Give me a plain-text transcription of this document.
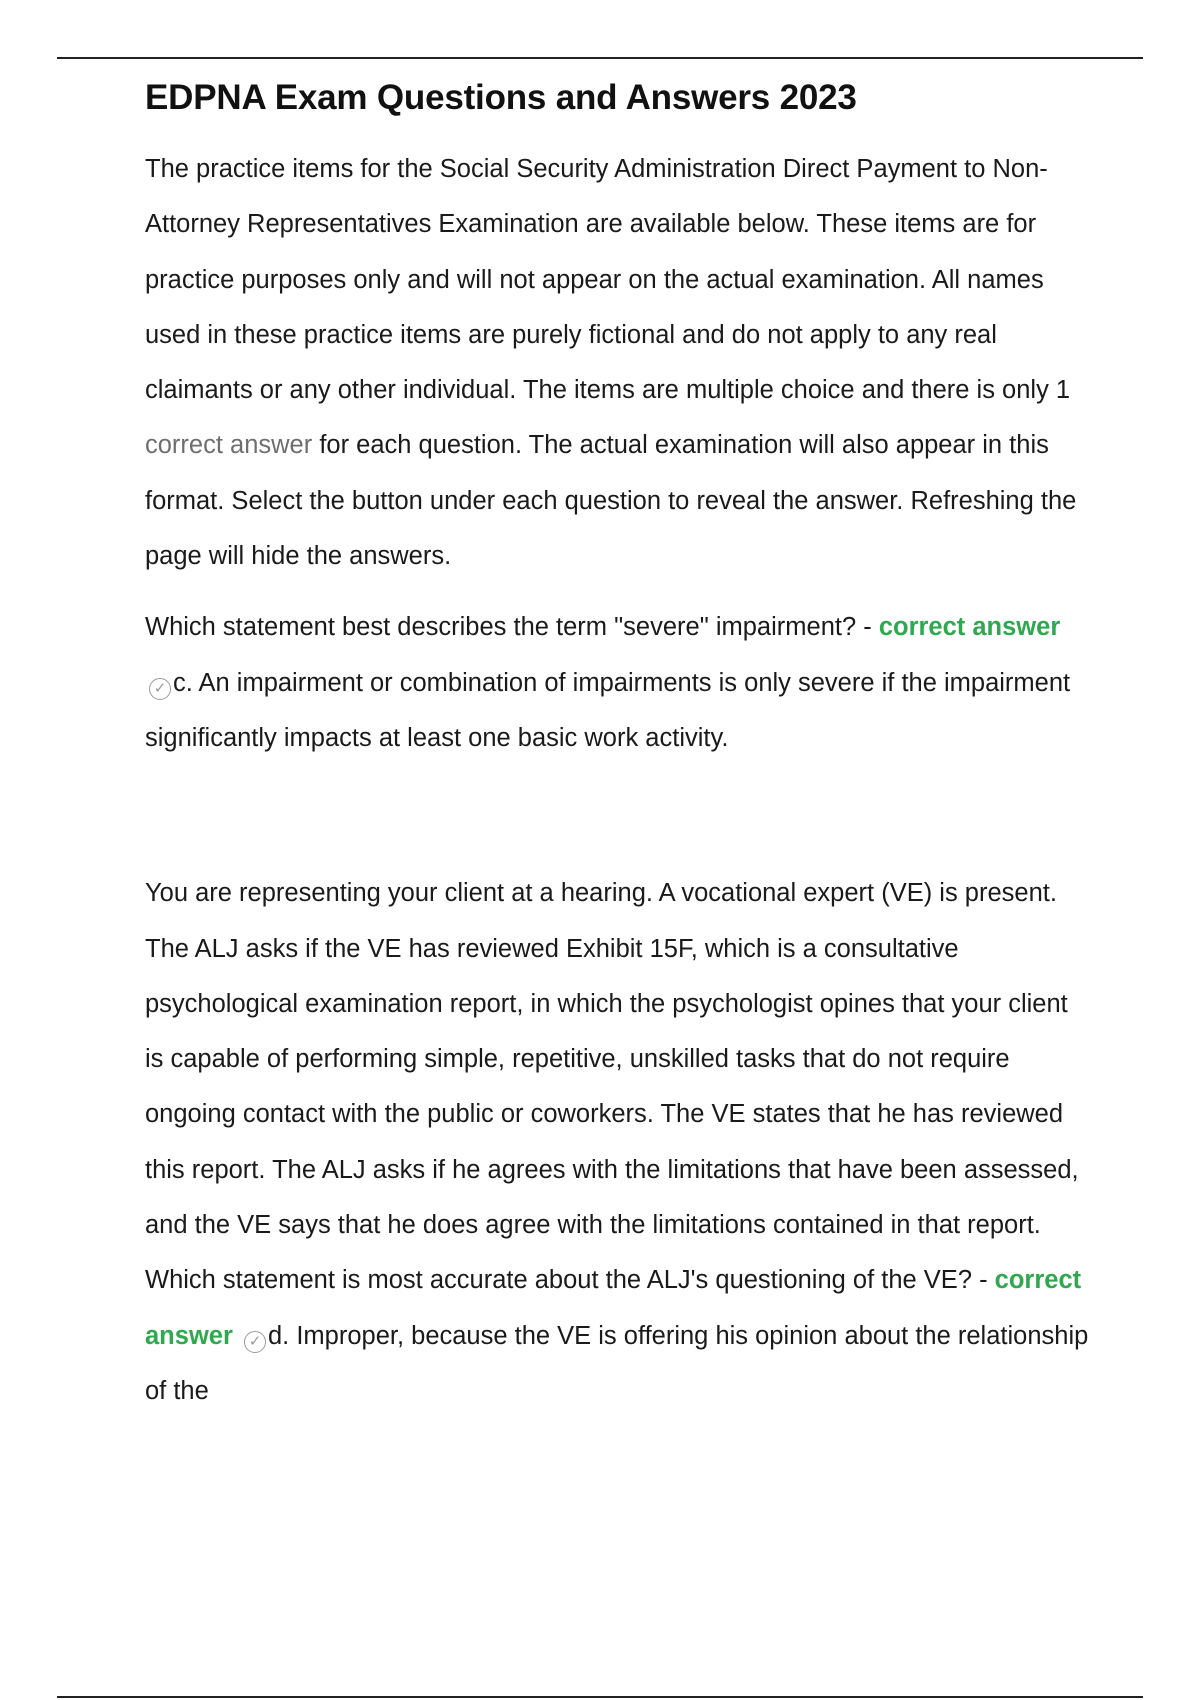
EDPNA Exam Questions and Answers 2023

The practice items for the Social Security Administration Direct Payment to Non-Attorney Representatives Examination are available below. These items are for practice purposes only and will not appear on the actual examination. All names used in these practice items are purely fictional and do not apply to any real claimants or any other individual. The items are multiple choice and there is only 1 correct answer for each question. The actual examination will also appear in this format. Select the button under each question to reveal the answer. Refreshing the page will hide the answers.

Which statement best describes the term "severe" impairment? - correct answer ✓ c. An impairment or combination of impairments is only severe if the impairment significantly impacts at least one basic work activity.

You are representing your client at a hearing. A vocational expert (VE) is present. The ALJ asks if the VE has reviewed Exhibit 15F, which is a consultative psychological examination report, in which the psychologist opines that your client is capable of performing simple, repetitive, unskilled tasks that do not require ongoing contact with the public or coworkers. The VE states that he has reviewed this report. The ALJ asks if he agrees with the limitations that have been assessed, and the VE says that he does agree with the limitations contained in that report. Which statement is most accurate about the ALJ's questioning of the VE? - correct answer ✓ d. Improper, because the VE is offering his opinion about the relationship of the
